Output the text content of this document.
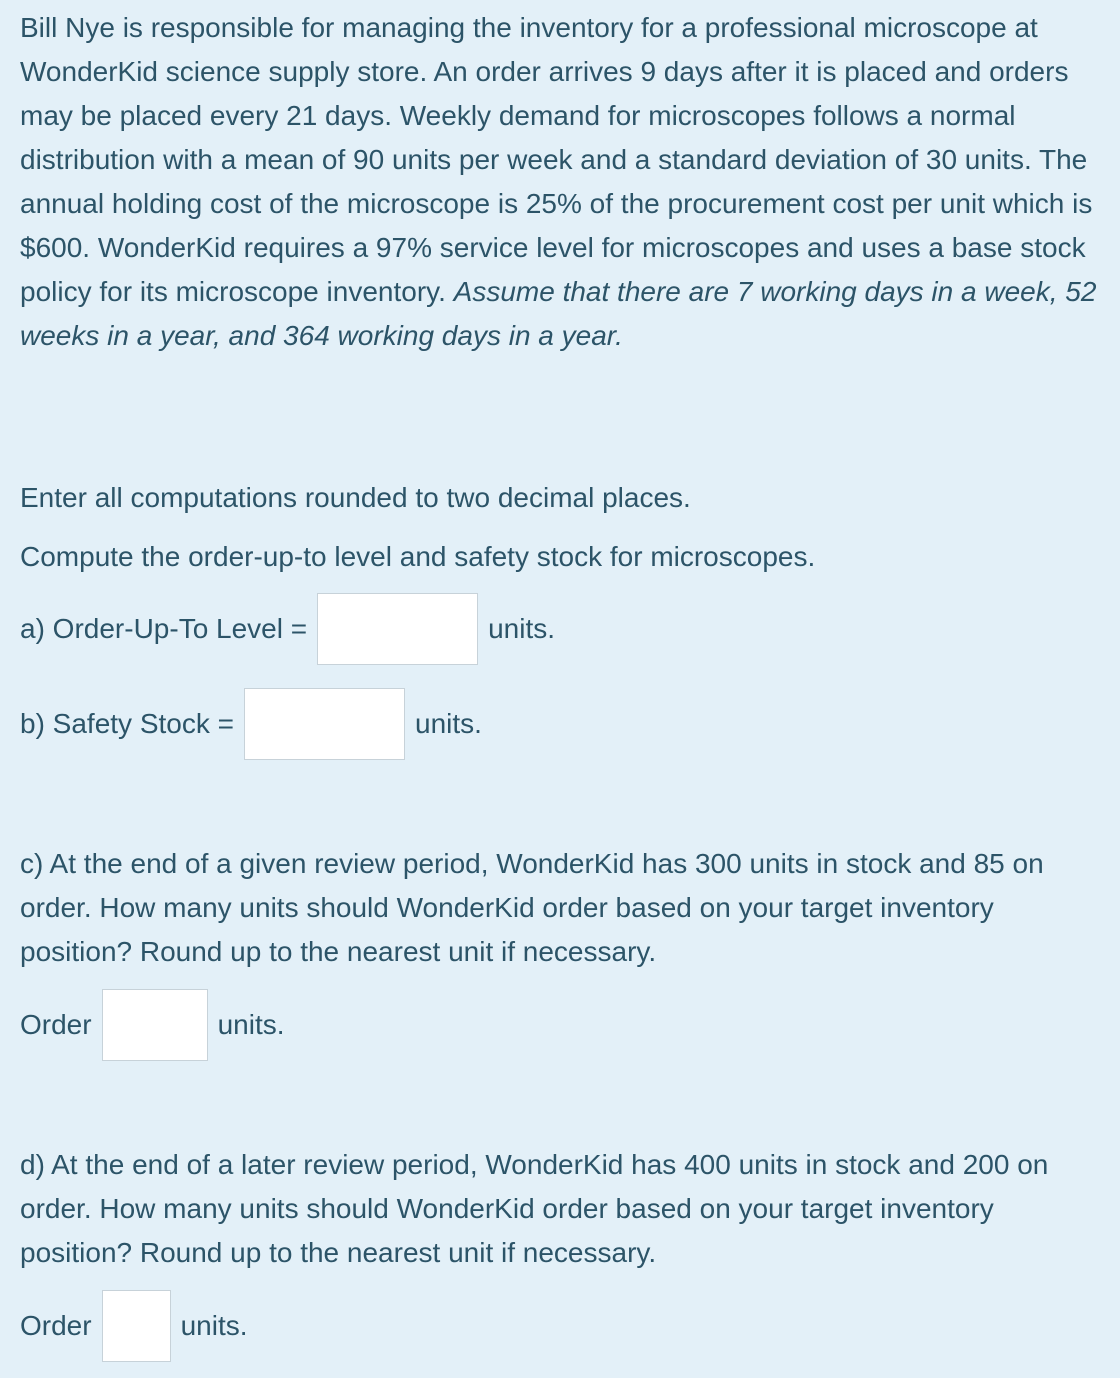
Bill Nye is responsible for managing the inventory for a professional microscope at WonderKid science supply store. An order arrives 9 days after it is placed and orders may be placed every 21 days. Weekly demand for microscopes follows a normal distribution with a mean of 90 units per week and a standard deviation of 30 units. The annual holding cost of the microscope is 25% of the procurement cost per unit which is $600. WonderKid requires a 97% service level for microscopes and uses a base stock policy for its microscope inventory. Assume that there are 7 working days in a week, 52 weeks in a year, and 364 working days in a year.

Enter all computations rounded to two decimal places.

Compute the order-up-to level and safety stock for microscopes.

a) Order-Up-To Level =	units.
b) Safety Stock =	units.

c) At the end of a given review period, WonderKid has 300 units in stock and 85 on order. How many units should WonderKid order based on your target inventory position? Round up to the nearest unit if necessary.

Order	units.

d) At the end of a later review period, WonderKid has 400 units in stock and 200 on order. How many units should WonderKid order based on your target inventory position? Round up to the nearest unit if necessary.

Order	units.
